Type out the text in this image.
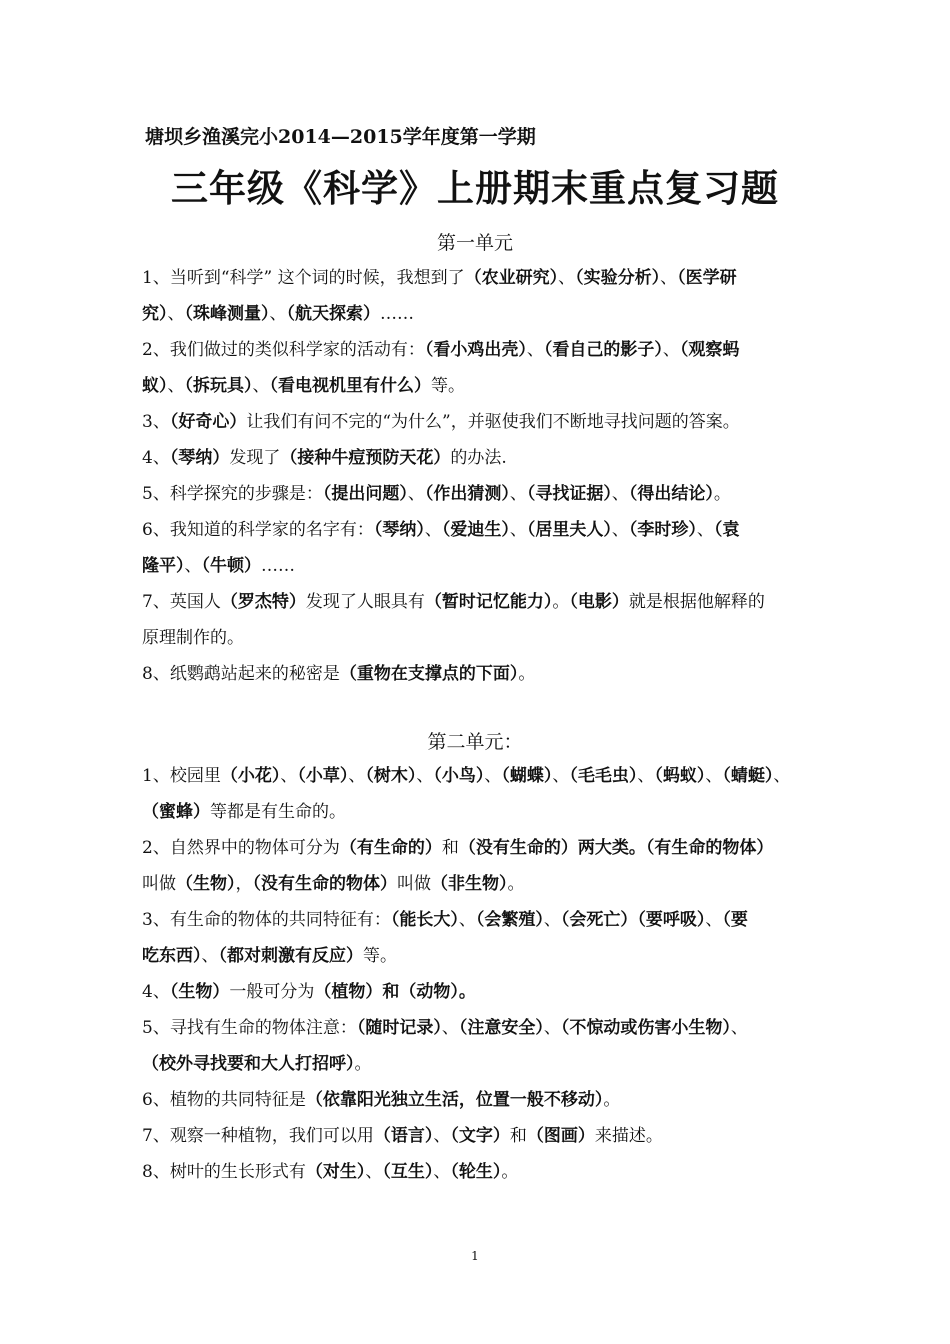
塘坝乡渔溪完小2014—2015学年度第一学期
三年级《科学》上册期末重点复习题
第一单元
1、当听到“科学” 这个词的时候，我想到了（农业研究）、（实验分析）、（医学研
究）、（珠峰测量）、（航天探索）……
2、我们做过的类似科学家的活动有：（看小鸡出壳）、（看自己的影子）、（观察蚂
蚁）、（拆玩具）、（看电视机里有什么）等。
3、（好奇心）让我们有问不完的“为什么”，并驱使我们不断地寻找问题的答案。
4、（琴纳）发现了（接种牛痘预防天花）的办法.
5、科学探究的步骤是：（提出问题）、（作出猜测）、（寻找证据）、（得出结论）。
6、我知道的科学家的名字有：（琴纳）、（爱迪生）、（居里夫人）、（李时珍）、（袁
隆平）、（牛顿）……
7、英国人（罗杰特）发现了人眼具有（暂时记忆能力）。（电影）就是根据他解释的
原理制作的。
8、纸鹦鹉站起来的秘密是（重物在支撑点的下面）。
第二单元：
1、校园里（小花）、（小草）、（树木）、（小鸟）、（蝴蝶）、（毛毛虫）、（蚂蚁）、（蜻蜓）、
（蜜蜂）等都是有生命的。
2、自然界中的物体可分为（有生命的）和（没有生命的）两大类。（有生命的物体）
叫做（生物），（没有生命的物体）叫做（非生物）。
3、有生命的物体的共同特征有：（能长大）、（会繁殖）、（会死亡）（要呼吸）、（要
吃东西）、（都对刺激有反应）等。
4、（生物）一般可分为（植物）和（动物）。
5、寻找有生命的物体注意：（随时记录）、（注意安全）、（不惊动或伤害小生物）、
（校外寻找要和大人打招呼）。
6、植物的共同特征是（依靠阳光独立生活，位置一般不移动）。
7、观察一种植物，我们可以用（语言）、（文字）和（图画）来描述。
8、树叶的生长形式有（对生）、（互生）、（轮生）。
1
